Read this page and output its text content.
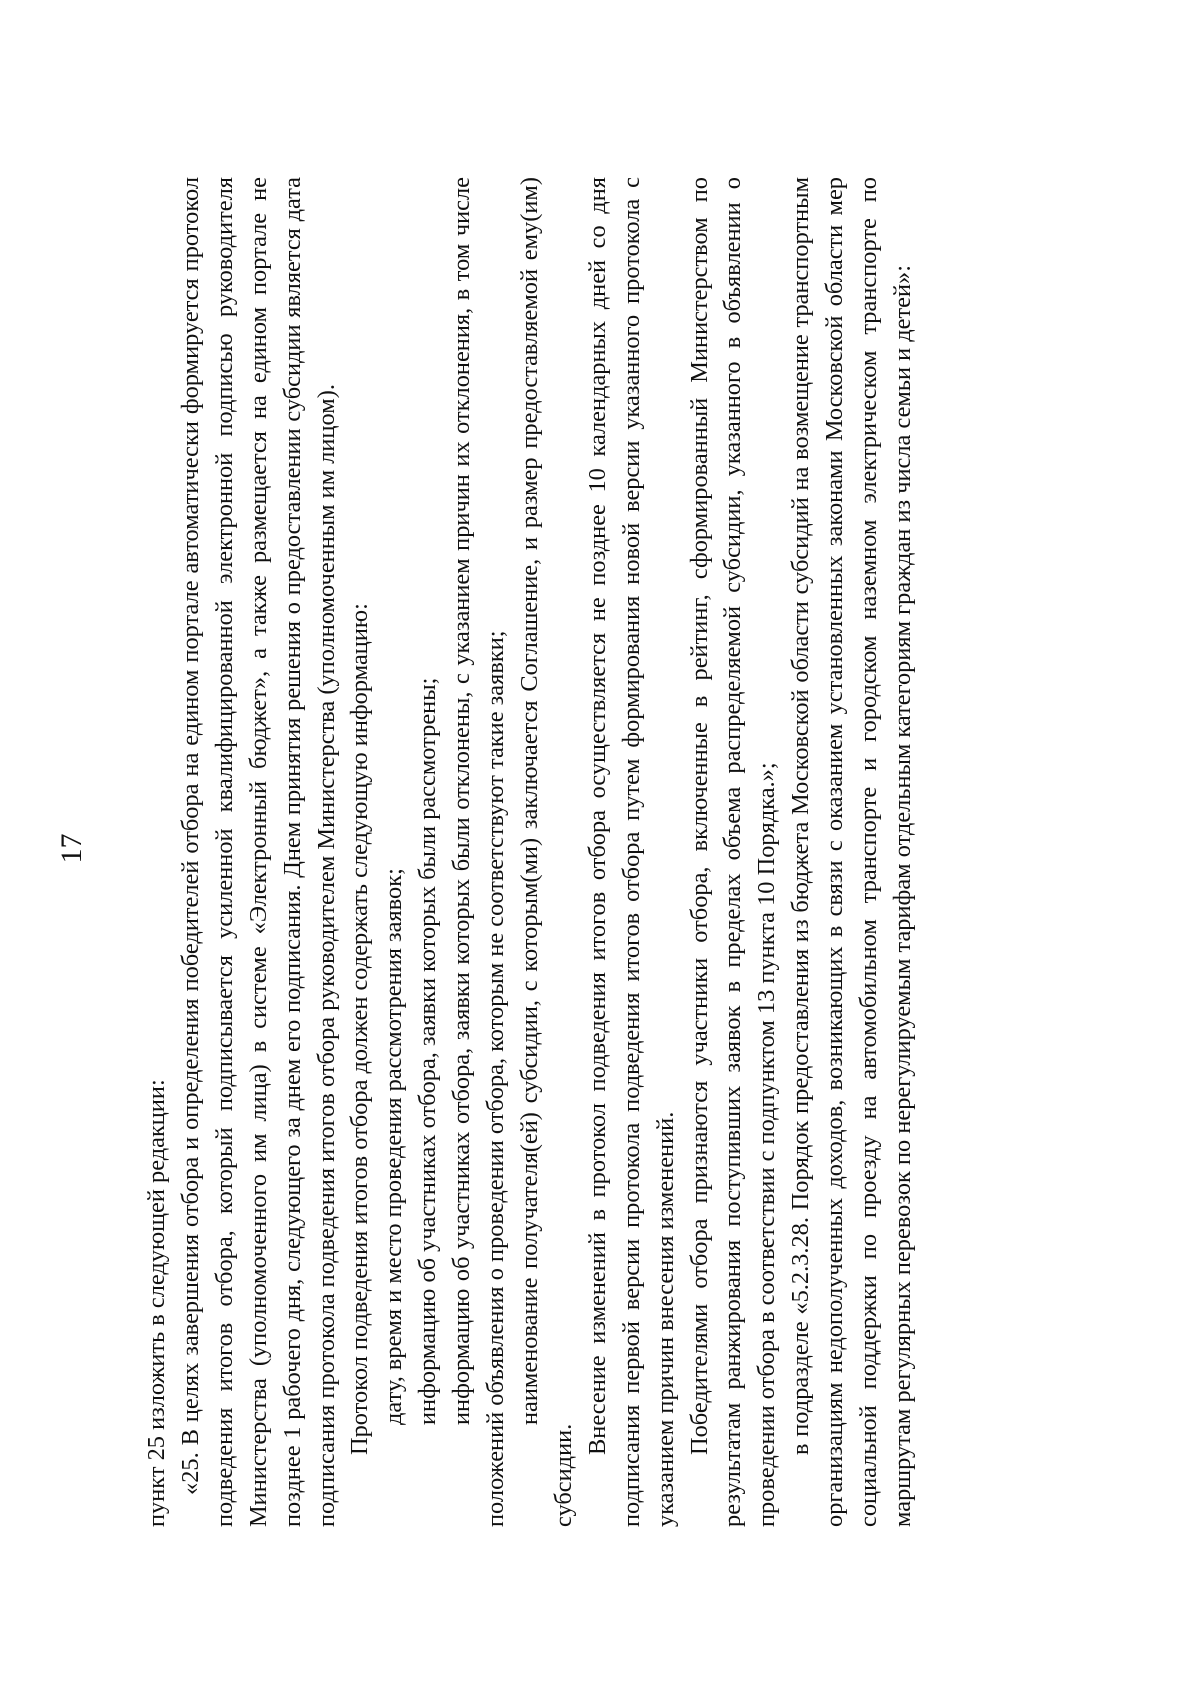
17

пункт 25 изложить в следующей редакции: «25. В целях завершения отбора и определения победителей отбора на едином портале автоматически формируется протокол подведения итогов отбора, который подписывается усиленной квалифицированной электронной подписью руководителя Министерства (уполномоченного им лица) в системе «Электронный бюджет», а также размещается на едином портале не позднее 1 рабочего дня, следующего за днем его подписания. Днем принятия решения о предоставлении субсидии является дата подписания протокола подведения итогов отбора руководителем Министерства (уполномоченным им лицом). Протокол подведения итогов отбора должен содержать следующую информацию: дату, время и место проведения рассмотрения заявок; информацию об участниках отбора, заявки которых были рассмотрены; информацию об участниках отбора, заявки которых были отклонены, с указанием причин их отклонения, в том числе положений объявления о проведении отбора, которым не соответствуют такие заявки; наименование получателя(ей) субсидии, с которым(ми) заключается Соглашение, и размер предоставляемой ему(им) субсидии.

Внесение изменений в протокол подведения итогов отбора осуществляется не позднее 10 календарных дней со дня подписания первой версии протокола подведения итогов отбора путем формирования новой версии указанного протокола с указанием причин внесения изменений. Победителями отбора признаются участники отбора, включенные в рейтинг, сформированный Министерством по результатам ранжирования поступивших заявок в пределах объема распределяемой субсидии, указанного в объявлении о проведении отбора в соответствии с подпунктом 13 пункта 10 Порядка.»; в подразделе «5.2.3.28. Порядок предоставления из бюджета Московской области субсидий на возмещение транспортным организациям недополученных доходов, возникающих в связи с оказанием установленных законами Московской области мер социальной поддержки по проезду на автомобильном транспорте и городском наземном электрическом транспорте по маршрутам регулярных перевозок по нерегулируемым тарифам отдельным категориям граждан из числа семьи и детей»:
